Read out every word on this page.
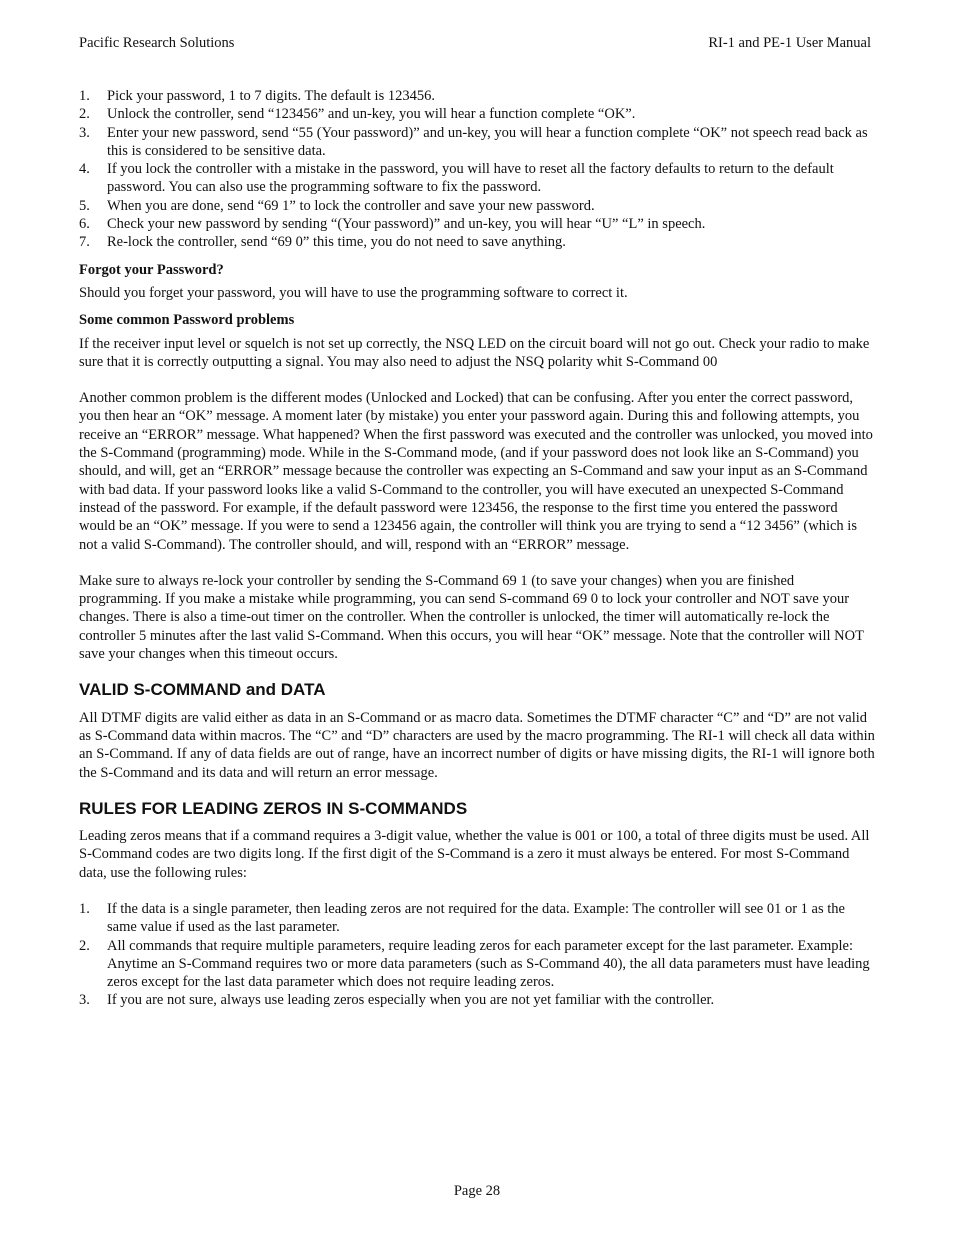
Pacific Research Solutions	RI-1 and PE-1 User Manual
1. Pick your password, 1 to 7 digits. The default is 123456.
2. Unlock the controller, send “123456” and un-key, you will hear a function complete “OK”.
3. Enter your new password, send “55 (Your password)” and un-key, you will hear a function complete “OK” not speech read back as this is considered to be sensitive data.
4. If you lock the controller with a mistake in the password, you will have to reset all the factory defaults to return to the default password. You can also use the programming software to fix the password.
5. When you are done, send “69 1” to lock the controller and save your new password.
6. Check your new password by sending “(Your password)” and un-key, you will hear “U” “L” in speech.
7. Re-lock the controller, send “69 0” this time, you do not need to save anything.

Forgot your Password?

Should you forget your password, you will have to use the programming software to correct it.

Some common Password problems

If the receiver input level or squelch is not set up correctly, the NSQ LED on the circuit board will not go out. Check your radio to make sure that it is correctly outputting a signal. You may also need to adjust the NSQ polarity whit S-Command 00

Another common problem is the different modes (Unlocked and Locked) that can be confusing. After you enter the correct password, you then hear an “OK” message. A moment later (by mistake) you enter your password again. During this and following attempts, you receive an “ERROR” message. What happened? When the first password was executed and the controller was unlocked, you moved into the S-Command (programming) mode. While in the S-Command mode, (and if your password does not look like an S-Command) you should, and will, get an “ERROR” message because the controller was expecting an S-Command and saw your input as an S-Command with bad data. If your password looks like a valid S-Command to the controller, you will have executed an unexpected S-Command instead of the password. For example, if the default password were 123456, the response to the first time you entered the password would be an “OK” message. If you were to send a 123456 again, the controller will think you are trying to send a “12 3456” (which is not a valid S-Command). The controller should, and will, respond with an “ERROR” message.

Make sure to always re-lock your controller by sending the S-Command 69 1 (to save your changes) when you are finished programming. If you make a mistake while programming, you can send S-command 69 0 to lock your controller and NOT save your changes. There is also a time-out timer on the controller. When the controller is unlocked, the timer will automatically re-lock the controller 5 minutes after the last valid S-Command. When this occurs, you will hear “OK” message. Note that the controller will NOT save your changes when this timeout occurs.

VALID S-COMMAND and DATA

All DTMF digits are valid either as data in an S-Command or as macro data. Sometimes the DTMF character “C” and “D” are not valid as S-Command data within macros. The “C” and “D” characters are used by the macro programming. The RI-1 will check all data within an S-Command. If any of data fields are out of range, have an incorrect number of digits or have missing digits, the RI-1 will ignore both the S-Command and its data and will return an error message.

RULES FOR LEADING ZEROS IN S-COMMANDS

Leading zeros means that if a command requires a 3-digit value, whether the value is 001 or 100, a total of three digits must be used. All S-Command codes are two digits long. If the first digit of the S-Command is a zero it must always be entered. For most S-Command data, use the following rules:

1. If the data is a single parameter, then leading zeros are not required for the data. Example: The controller will see 01 or 1 as the same value if used as the last parameter.
2. All commands that require multiple parameters, require leading zeros for each parameter except for the last parameter. Example: Anytime an S-Command requires two or more data parameters (such as S-Command 40), the all data parameters must have leading zeros except for the last data parameter which does not require leading zeros.
3. If you are not sure, always use leading zeros especially when you are not yet familiar with the controller.
Page 28
